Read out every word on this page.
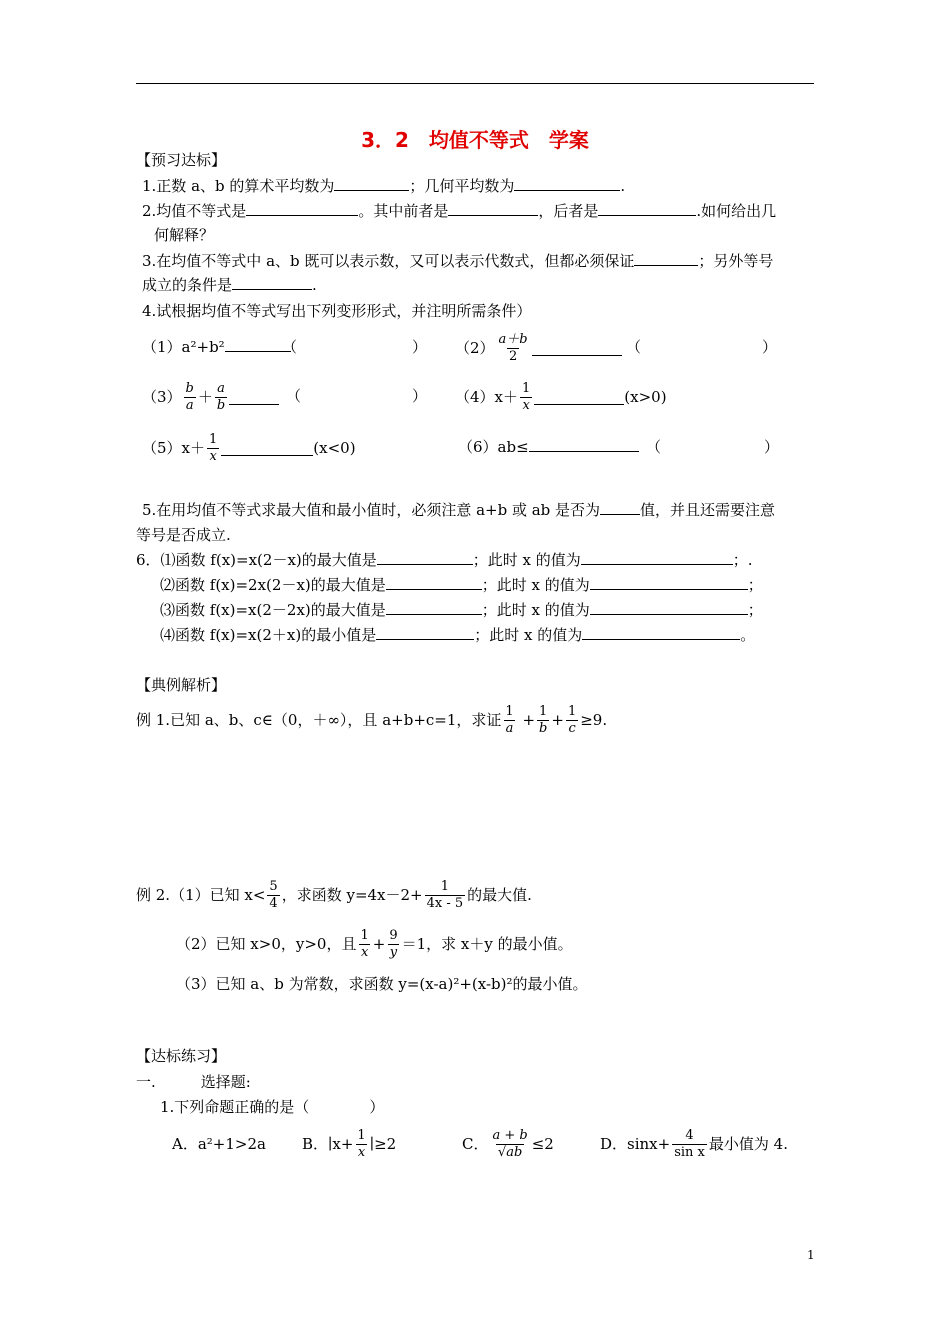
3．2　均值不等式　学案
【预习达标】
1.正数 a、b 的算术平均数为	；几何平均数为	.
2.均值不等式是	。其中前者是	，后者是	.如何给出几
何解释？
3.在均值不等式中 a、b 既可以表示数，又可以表示代数式，但都必须保证	；另外等号
成立的条件是	.
4.试根据均值不等式写出下列变形形式，并注明所需条件）
（1）a²+b²	（	） $(2) \frac{a+b}{2}$	（	）
$(3) \frac{b}{a} + \frac{a}{b}$	（	） $(4)x+ \frac{1}{x}$	(x>0)
$(5)x+ \frac{1}{x}$	(x<0)	（6）ab≤	（	）
5.在用均值不等式求最大值和最小值时，必须注意 a+b 或 ab 是否为	值，并且还需要注意
等号是否成立.
6．⑴函数 f(x)=x(2－x)的最大值是	；此时 x 的值为	；.
⑵函数 f(x)=2x(2－x)的最大值是	；此时 x 的值为	；
⑶函数 f(x)=x(2－2x)的最大值是	；此时 x 的值为	；
⑷函数 f(x)=x(2＋x)的最小值是	；此时 x 的值为	。
【典例解析】
例 1.已知 a、b、c∈（0，＋∞），且 a+b+c=1，求证 $\frac{1}{a} + \frac{1}{b} + \frac{1}{c} \ge 9$.
例 2.（1）已知 $x< \frac{5}{4}$ ，求函数 $y=4x-2+ \frac{1}{4x - 5}$ 的最大值.
（2）已知 x>0，y>0，且 $\frac{1}{x} + \frac{9}{y} =1$，求 x＋y 的最小值。
（3）已知 a、b 为常数，求函数 y=(x-a)²+(x-b)²的最小值。
【达标练习】
一.　　　选择题:
1.下列命题正确的是（　　　　）
A．a²+1>2a B．∣x+ $\frac{1}{x}$ ∣≥2	C． $\frac{a + b}{√ab} \le 2$	D．$\sin x+ \frac{4}{\text{sin x}}$ 最小值为 4.
1
